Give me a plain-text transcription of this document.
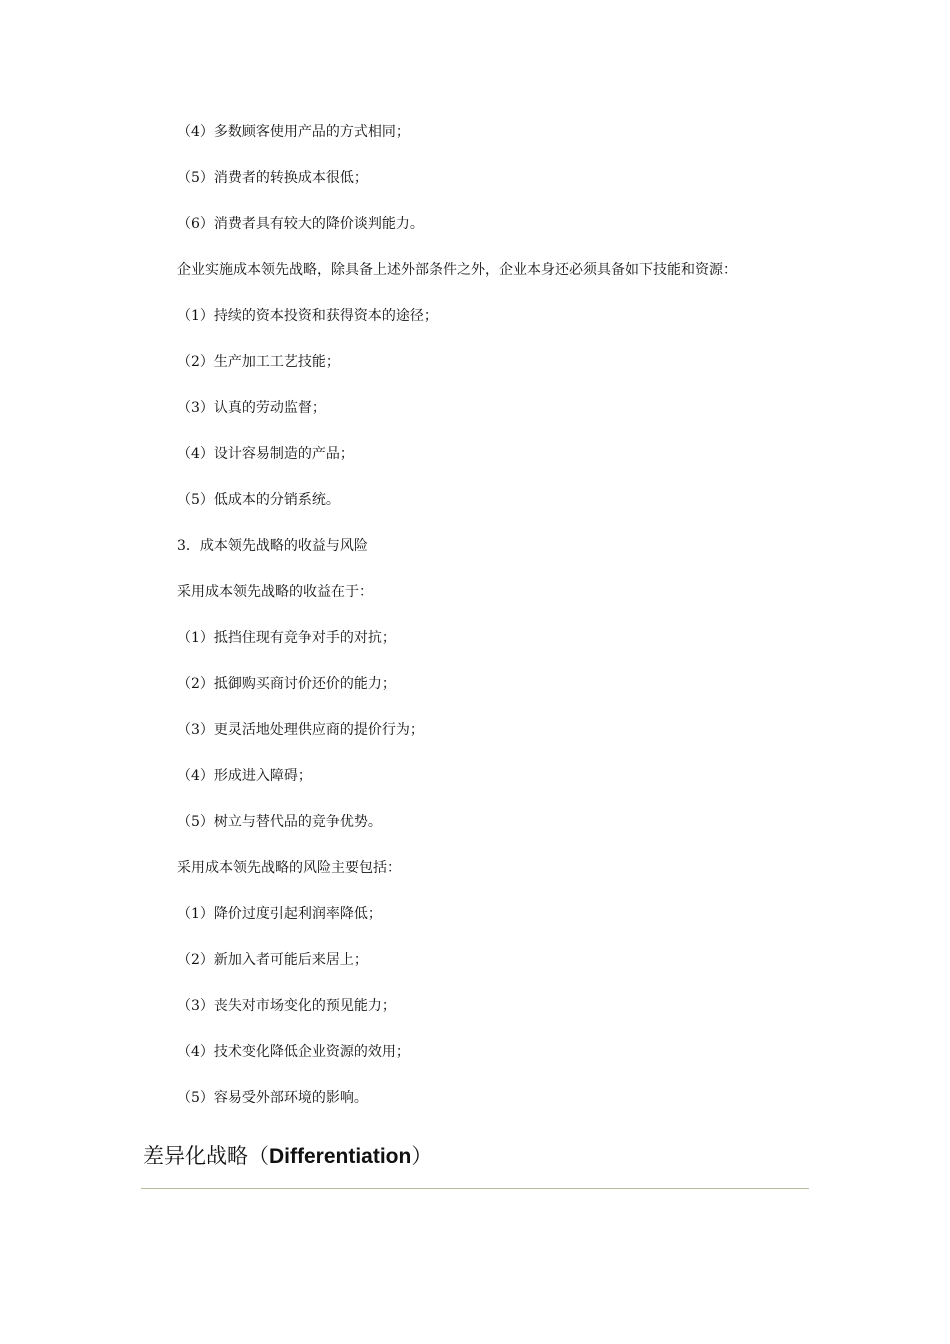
（4）多数顾客使用产品的方式相同；

（5）消费者的转换成本很低；

（6）消费者具有较大的降价谈判能力。

企业实施成本领先战略，除具备上述外部条件之外，企业本身还必须具备如下技能和资源：

（1）持续的资本投资和获得资本的途径；

（2）生产加工工艺技能；

（3）认真的劳动监督；

（4）设计容易制造的产品；

（5）低成本的分销系统。

3．成本领先战略的收益与风险

采用成本领先战略的收益在于：

（1）抵挡住现有竞争对手的对抗；

（2）抵御购买商讨价还价的能力；

（3）更灵活地处理供应商的提价行为；

（4）形成进入障碍；

（5）树立与替代品的竞争优势。

采用成本领先战略的风险主要包括：

（1）降价过度引起利润率降低；

（2）新加入者可能后来居上；

（3）丧失对市场变化的预见能力；

（4）技术变化降低企业资源的效用；

（5）容易受外部环境的影响。

差异化战略（Differentiation）
